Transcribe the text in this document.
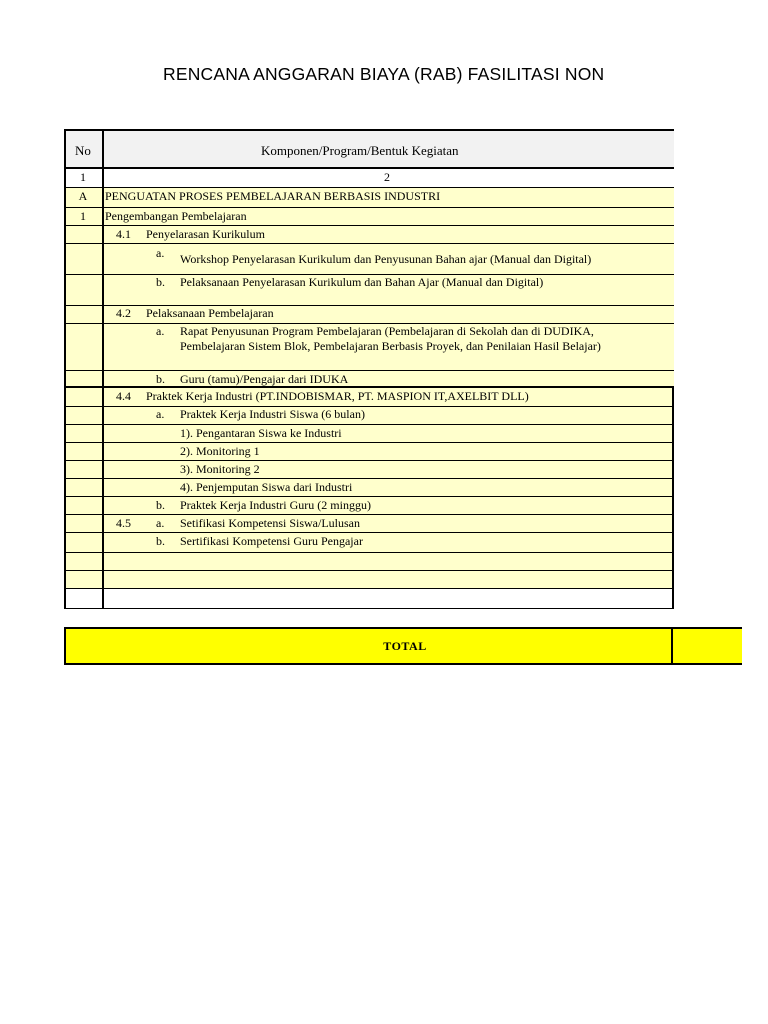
RENCANA ANGGARAN BIAYA (RAB) FASILITASI NON
No	Komponen/Program/Bentuk Kegiatan
1	2
A	PENGUATAN PROSES PEMBELAJARAN BERBASIS INDUSTRI
1	Pengembangan Pembelajaran
4.1 Penyelarasan Kurikulum
a. Workshop Penyelarasan Kurikulum dan Penyusunan Bahan ajar (Manual dan Digital)
b. Pelaksanaan Penyelarasan Kurikulum dan Bahan Ajar (Manual dan Digital)
4.2 Pelaksanaan Pembelajaran
a. Rapat Penyusunan Program Pembelajaran (Pembelajaran di Sekolah dan di DUDIKA,
Pembelajaran Sistem Blok, Pembelajaran Berbasis Proyek, dan Penilaian Hasil Belajar)
b. Guru (tamu)/Pengajar dari IDUKA
4.4 Praktek Kerja Industri (PT.INDOBISMAR, PT. MASPION IT,AXELBIT DLL)
a. Praktek Kerja Industri Siswa (6 bulan)
1). Pengantaran Siswa ke Industri
2). Monitoring 1
3). Monitoring 2
4). Penjemputan Siswa dari Industri
b. Praktek Kerja Industri Guru (2 minggu)
4.5 a. Setifikasi Kompetensi Siswa/Lulusan
b. Sertifikasi Kompetensi Guru Pengajar
TOTAL
